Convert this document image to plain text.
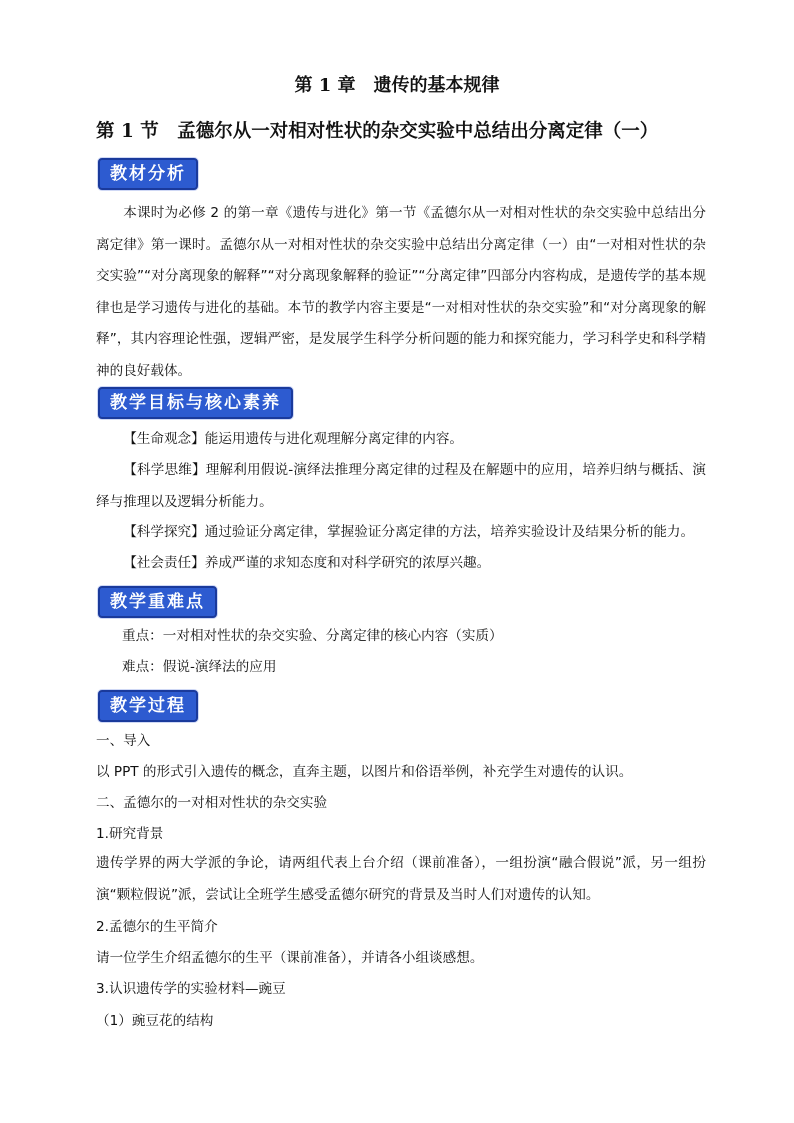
第 1 章　遗传的基本规律
第 1 节　孟德尔从一对相对性状的杂交实验中总结出分离定律（一）
教材分析
本课时为必修 2 的第一章《遗传与进化》第一节《孟德尔从一对相对性状的杂交实验中总结出分离定律》第一课时。孟德尔从一对相对性状的杂交实验中总结出分离定律（一）由“一对相对性状的杂交实验”“对分离现象的解释”“对分离现象解释的验证”“分离定律”四部分内容构成，是遗传学的基本规律也是学习遗传与进化的基础。本节的教学内容主要是“一对相对性状的杂交实验”和“对分离现象的解释”，其内容理论性强，逻辑严密，是发展学生科学分析问题的能力和探究能力，学习科学史和科学精神的良好载体。
教学目标与核心素养
【生命观念】能运用遗传与进化观理解分离定律的内容。
【科学思维】理解利用假说-演绎法推理分离定律的过程及在解题中的应用，培养归纳与概括、演绎与推理以及逻辑分析能力。
【科学探究】通过验证分离定律，掌握验证分离定律的方法，培养实验设计及结果分析的能力。
【社会责任】养成严谨的求知态度和对科学研究的浓厚兴趣。
教学重难点
重点：一对相对性状的杂交实验、分离定律的核心内容（实质）
难点：假说-演绎法的应用
教学过程
一、导入
以 PPT 的形式引入遗传的概念，直奔主题，以图片和俗语举例，补充学生对遗传的认识。
二、孟德尔的一对相对性状的杂交实验
1.研究背景
遗传学界的两大学派的争论，请两组代表上台介绍（课前准备），一组扮演“融合假说”派，另一组扮演“颗粒假说”派，尝试让全班学生感受孟德尔研究的背景及当时人们对遗传的认知。
2.孟德尔的生平简介
请一位学生介绍孟德尔的生平（课前准备），并请各小组谈感想。
3.认识遗传学的实验材料—豌豆
（1）豌豆花的结构
